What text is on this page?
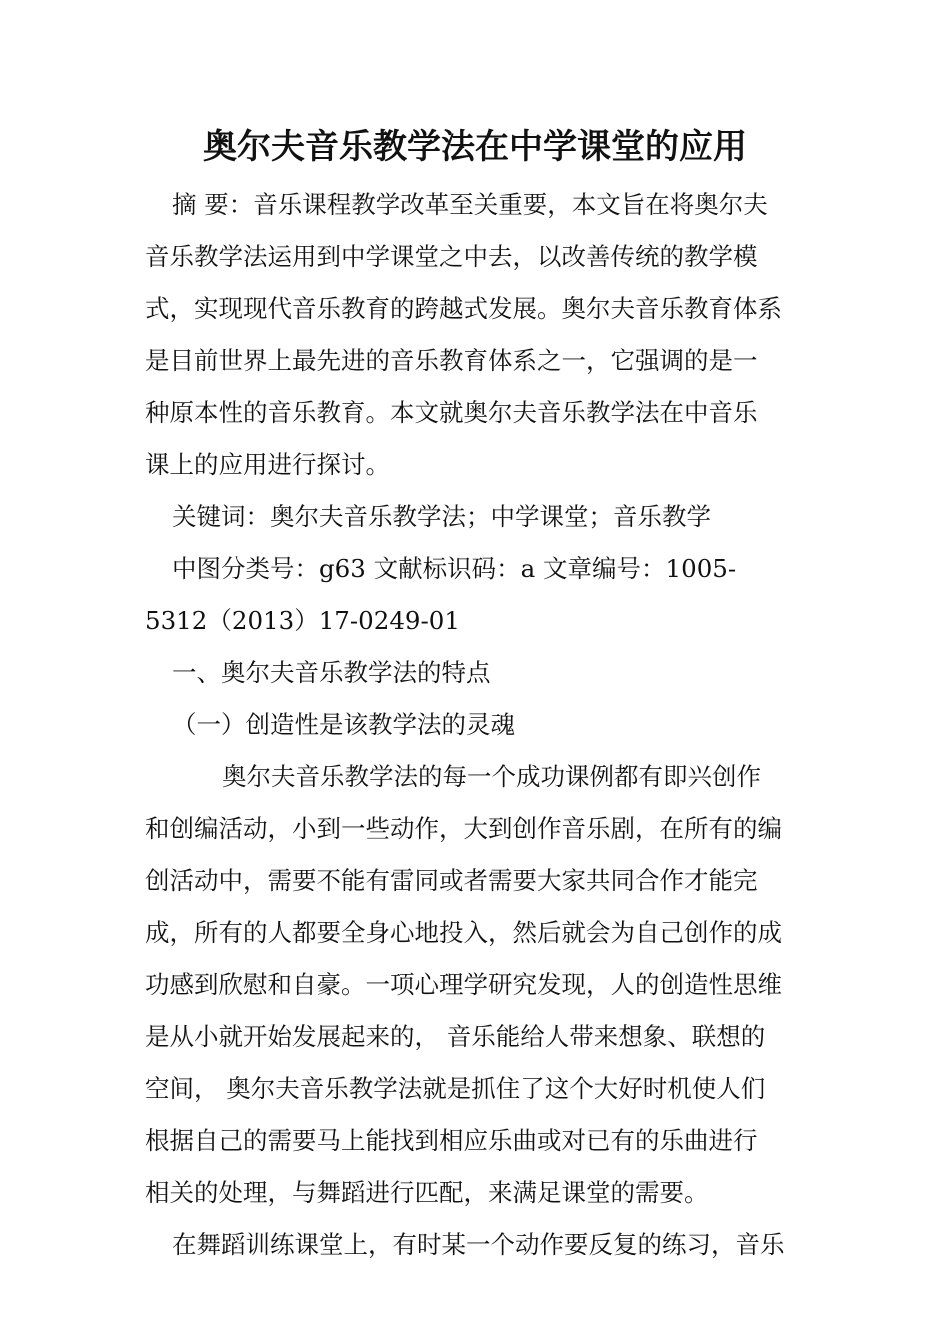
奥尔夫音乐教学法在中学课堂的应用
摘 要：音乐课程教学改革至关重要，本文旨在将奥尔夫
音乐教学法运用到中学课堂之中去，以改善传统的教学模
式，实现现代音乐教育的跨越式发展。奥尔夫音乐教育体系
是目前世界上最先进的音乐教育体系之一，它强调的是一
种原本性的音乐教育。本文就奥尔夫音乐教学法在中音乐
课上的应用进行探讨。
关键词：奥尔夫音乐教学法；中学课堂；音乐教学
中图分类号：g63 文献标识码：a 文章编号：1005-
5312（2013）17-0249-01
一、奥尔夫音乐教学法的特点
（一）创造性是该教学法的灵魂
奥尔夫音乐教学法的每一个成功课例都有即兴创作
和创编活动，小到一些动作，大到创作音乐剧，在所有的编
创活动中，需要不能有雷同或者需要大家共同合作才能完
成，所有的人都要全身心地投入，然后就会为自己创作的成
功感到欣慰和自豪。一项心理学研究发现，人的创造性思维
是从小就开始发展起来的， 音乐能给人带来想象、联想的
空间， 奥尔夫音乐教学法就是抓住了这个大好时机使人们
根据自己的需要马上能找到相应乐曲或对已有的乐曲进行
相关的处理，与舞蹈进行匹配，来满足课堂的需要。
在舞蹈训练课堂上，有时某一个动作要反复的练习，音乐
